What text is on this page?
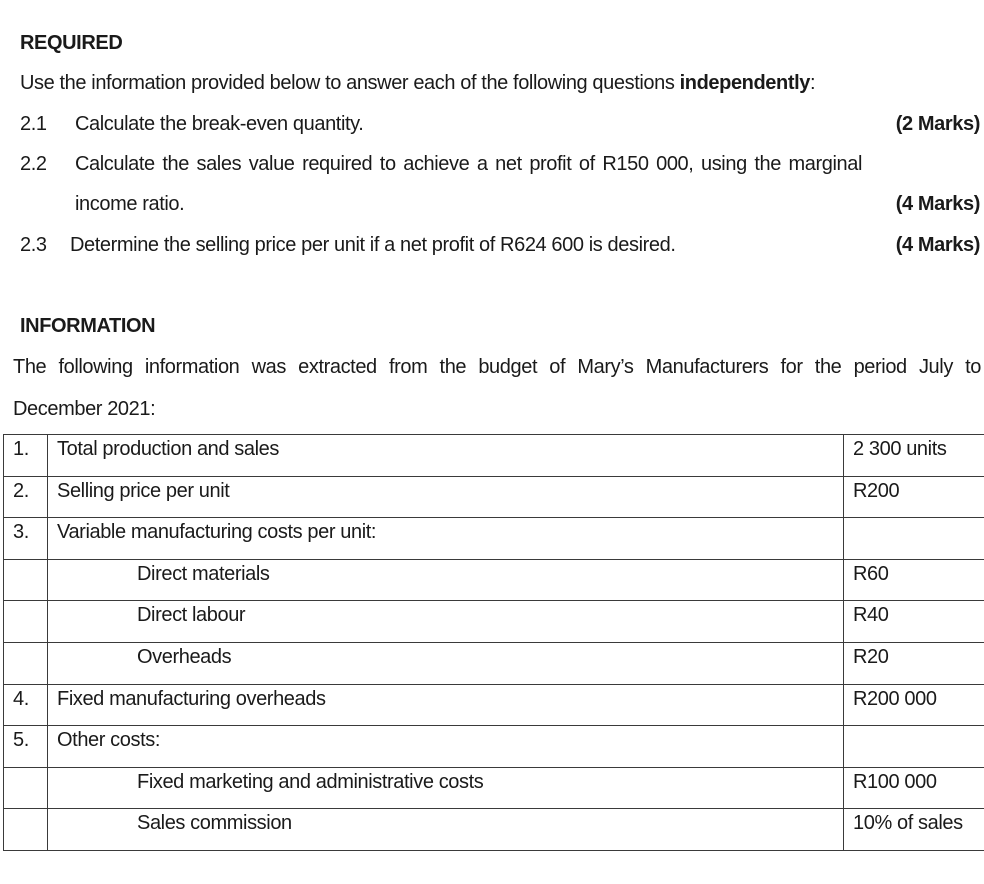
REQUIRED
Use the information provided below to answer each of the following questions independently:
2.1 Calculate the break-even quantity.	(2 Marks)
2.2 Calculate the sales value required to achieve a net profit of R150 000, using the marginal
income ratio.	(4 Marks)
2.3 Determine the selling price per unit if a net profit of R624 600 is desired.	(4 Marks)
INFORMATION
The following information was extracted from the budget of Mary’s Manufacturers for the period July to
December 2021:
1.	Total production and sales	2 300 units
2.	Selling price per unit	R200
3.	Variable manufacturing costs per unit:	
	Direct materials	R60
	Direct labour	R40
	Overheads	R20
4.	Fixed manufacturing overheads	R200 000
5.	Other costs:	
	Fixed marketing and administrative costs	R100 000
	Sales commission	10% of sales
